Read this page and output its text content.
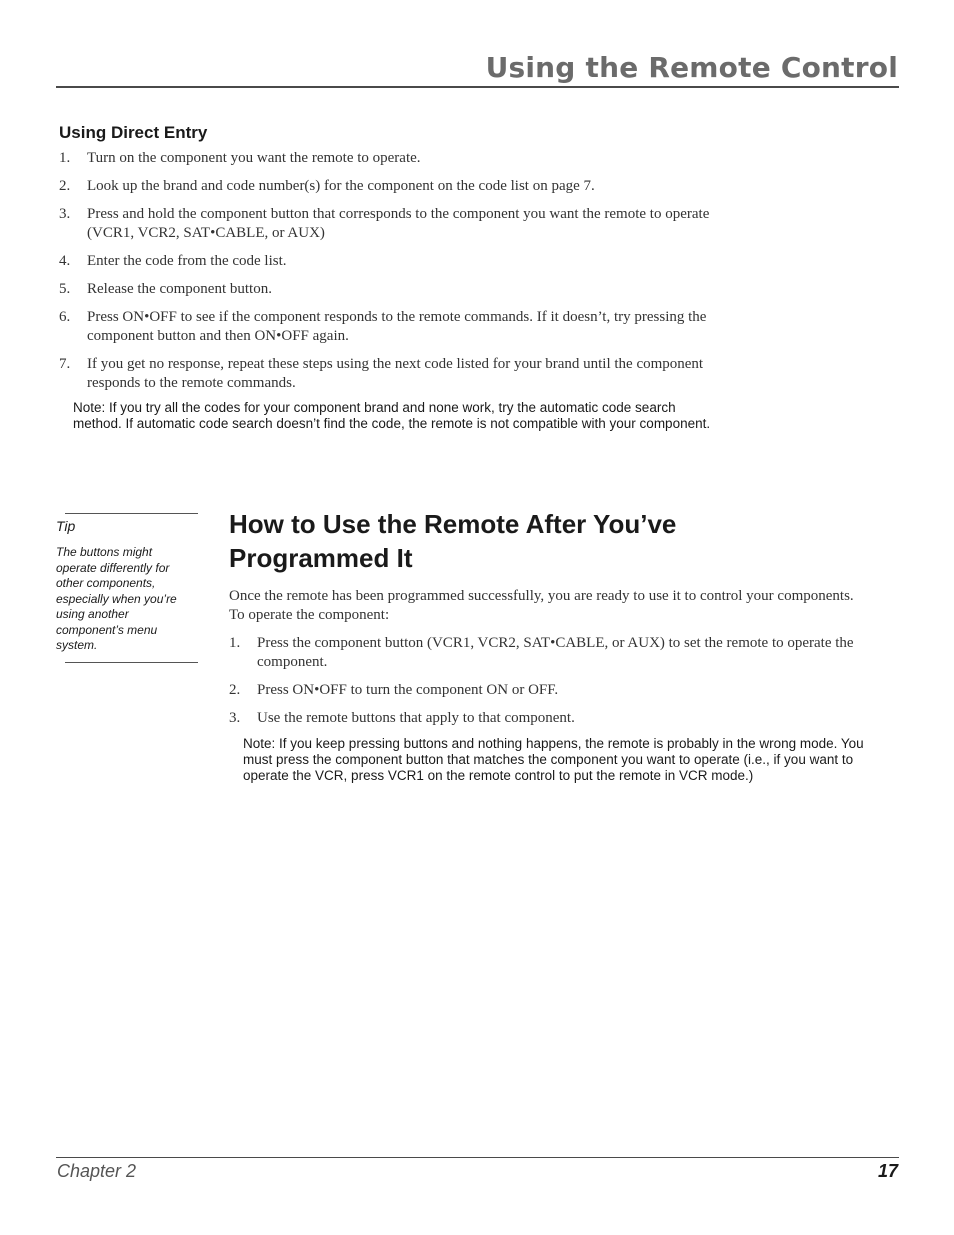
Using the Remote Control
Using Direct Entry
1. Turn on the component you want the remote to operate.
2. Look up the brand and code number(s) for the component on the code list on page 7.
3. Press and hold the component button that corresponds to the component you want the remote to operate (VCR1, VCR2, SAT•CABLE, or AUX)
4. Enter the code from the code list.
5. Release the component button.
6. Press ON•OFF to see if the component responds to the remote commands. If it doesn’t, try pressing the component button and then ON•OFF again.
7. If you get no response, repeat these steps using the next code listed for your brand until the component responds to the remote commands.

Note: If you try all the codes for your component brand and none work, try the automatic code search method. If automatic code search doesn’t find the code, the remote is not compatible with your component.

Tip

The buttons might operate differently for other components, especially when you’re using another component’s menu system.

How to Use the Remote After You’ve Programmed It

Once the remote has been programmed successfully, you are ready to use it to control your components. To operate the component:

1. Press the component button (VCR1, VCR2, SAT•CABLE, or AUX) to set the remote to operate the component.
2. Press ON•OFF to turn the component ON or OFF.
3. Use the remote buttons that apply to that component.

Note: If you keep pressing buttons and nothing happens, the remote is probably in the wrong mode. You must press the component button that matches the component you want to operate (i.e., if you want to operate the VCR, press VCR1 on the remote control to put the remote in VCR mode.)

Chapter 2	17
